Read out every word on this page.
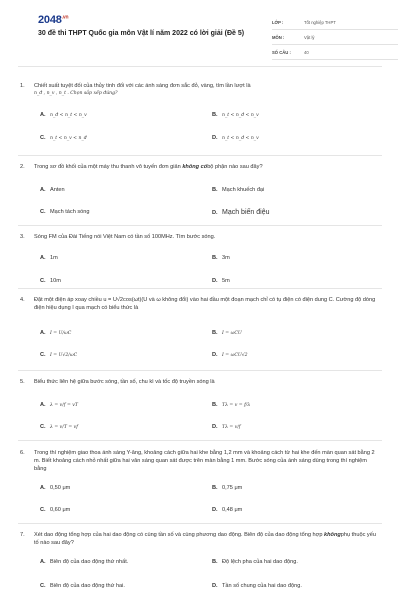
$2048^{.vn}$
30 đề thi THPT Quốc gia môn Vật lí năm 2022 có lời giải (Đề 5)
LỚP :	Tốt nghiệp THPT
MÔN :	Vật lý
SỐ CÂU :	40
1.	Chiết suất tuyệt đối của thủy tinh đối với các ánh sáng đơn sắc đỏ, vàng, tím lần lượt là
n_đ , n_v , n_t . Chọn sắp xếp đúng?
A. n_đ < n_t < n_v	B. n_t < n_đ < n_v
C. n_t < n_v < n_đ	D. n_t < n_đ < n_v
2.	Trong sơ đồ khối của một máy thu thanh vô tuyến đơn giản không cóbộ phận nào sau đây?
A. Anten	B. Mạch khuếch đại
C. Mạch tách sóng	D. Mạch biến điệu
3.	Sóng FM của Đài Tiếng nói Việt Nam có tần số 100MHz. Tìm bước sóng.
A. 1m	B. 3m
C. 10m	D. 5m
4.	Đặt một điện áp xoay chiều u = U√2cos(ωt)(U và ω không đổi) vào hai đầu một đoạn mạch chỉ có tụ điện có điện dung C. Cường độ dòng điện hiệu dụng I qua mạch có biểu thức là
A. I = U/ωC	B. I = ωCU
C. I = U√2/ωC	D. I = ωCU√2
5.	Biểu thức liên hệ giữa bước sóng, tần số, chu kì và tốc độ truyền sóng là
A. λ = v/f = vT	B. Tλ = v = f/λ
C. λ = v/T = vf	D. Tλ = v/f
6.	Trong thí nghiệm giao thoa ánh sáng Y-âng, khoảng cách giữa hai khe bằng 1,2 mm và khoảng cách từ hai khe đến màn quan sát bằng 2 m. Biết khoảng cách nhỏ nhất giữa hai vân sáng quan sát được trên màn bằng 1 mm. Bước sóng của ánh sáng dùng trong thí nghiệm bằng
A. 0,50 μm	B. 0,75 μm
C. 0,60 μm	D. 0,48 μm
7.	Xét dao động tổng hợp của hai dao động có cùng tần số và cùng phương dao động. Biên độ của dao động tổng hợp khôngphụ thuộc yếu tố nào sau đây?
A. Biên độ của dao động thứ nhất.	B. Độ lệch pha của hai dao động.
C. Biên độ của dao động thứ hai.	D. Tần số chung của hai dao động.
